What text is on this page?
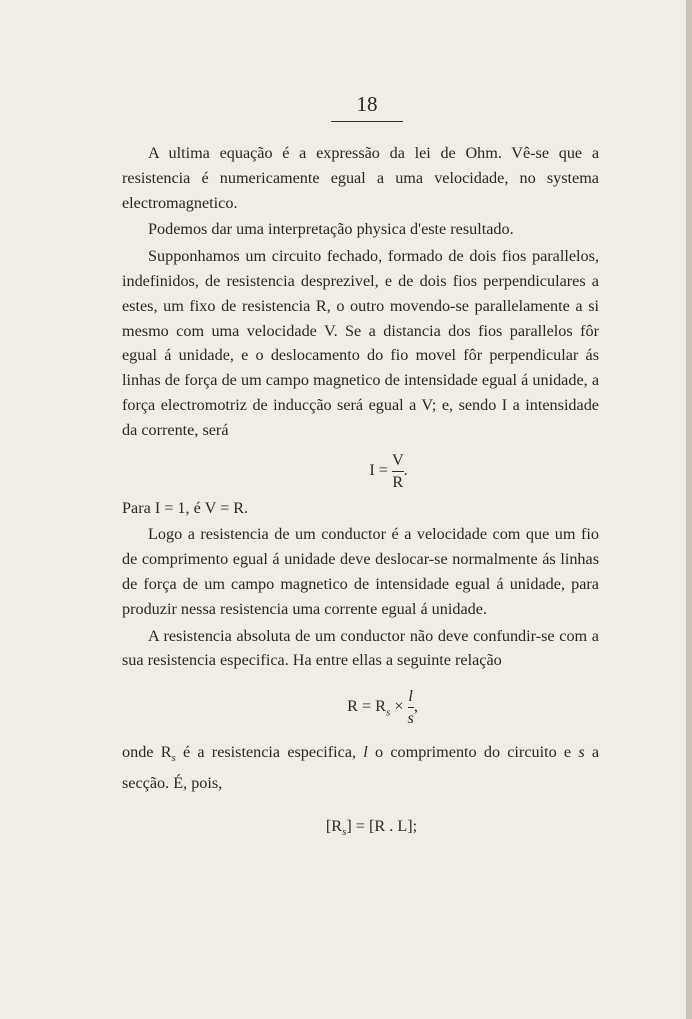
18

A ultima equação é a expressão da lei de Ohm. Vê-se que a resistencia é numericamente egual a uma velocidade, no systema electromagnetico.

Podemos dar uma interpretação physica d'este resultado.

Supponhamos um circuito fechado, formado de dois fios parallelos, indefinidos, de resistencia desprezivel, e de dois fios perpendiculares a estes, um fixo de resistencia R, o outro movendo-se parallelamente a si mesmo com uma velocidade V. Se a distancia dos fios parallelos fôr egual á unidade, e o deslocamento do fio movel fôr perpendicular ás linhas de força de um campo magnetico de intensidade egual á unidade, a força electromotriz de inducção será egual a V; e, sendo I a intensidade da corrente, será

$I = \frac{V}{R}$ .

Para I = 1, é V = R.

Logo a resistencia de um conductor é a velocidade com que um fio de comprimento egual á unidade deve deslocar-se normalmente ás linhas de força de um campo magnetico de intensidade egual á unidade, para produzir nessa resistencia uma corrente egual á unidade.

A resistencia absoluta de um conductor não deve confundir-se com a sua resistencia especifica. Ha entre ellas a seguinte relação

$R = R_s \times \frac{l}{s}$ ,

onde $R_s$ é a resistencia especifica, l o comprimento do circuito e s a secção. É, pois,

$[R_s] = [R$ . L];
